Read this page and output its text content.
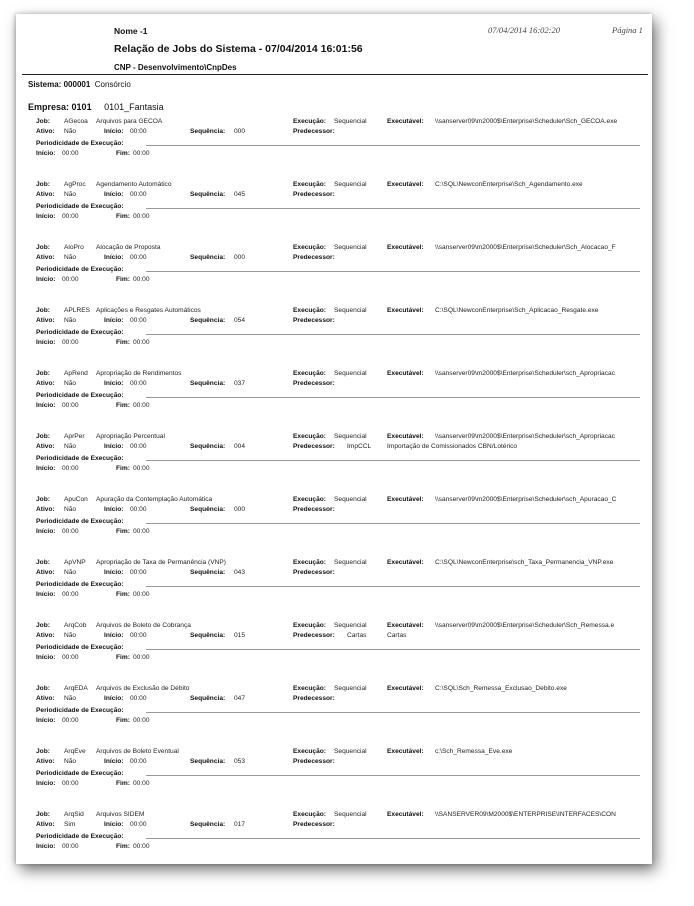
Nome -1	07/04/2014 16:02:20	Página 1
Relação de Jobs do Sistema - 07/04/2014 16:01:56
CNP - Desenvolvimento\CnpDes
Sistema: 000001 Consórcio
Empresa: 0101 0101_Fantasia
Job: AGecoa Arquivos para GECOA	Execução: Sequencial	Executável: \\sanserver09\m2000$\Enterprise\Scheduler\Sch_GECOA.exe
Ativo: Não	Início: 00:00	Sequência: 000	Predecessor:
Periodicidade de Execução:
Início: 00:00	Fim: 00:00
Job: AgProc Agendamento Automático	Execução: Sequencial	Executável: C:\SQL\NewconEnterprise\Sch_Agendamento.exe
Ativo: Não	Início: 00:00	Sequência: 045	Predecessor:
Periodicidade de Execução:
Início: 00:00	Fim: 00:00
Job: AloPro Alocação de Proposta	Execução: Sequencial	Executável: \\sanserver09\m2000$\Enterprise\Scheduler\Sch_Alocacao_F
Ativo: Não	Início: 00:00	Sequência: 000	Predecessor:
Periodicidade de Execução:
Início: 00:00	Fim: 00:00
Job: APLRES Aplicações e Resgates Automáticos	Execução: Sequencial	Executável: C:\SQL\NewconEnterprise\Sch_Aplicacao_Resgate.exe
Ativo: Não	Início: 00:00	Sequência: 054	Predecessor:
Periodicidade de Execução:
Início: 00:00	Fim: 00:00
Job: ApRend Apropriação de Rendimentos	Execução: Sequencial	Executável: \\sanserver09\m2000$\Enterprise\Scheduler\sch_Apropriacac
Ativo: Não	Início: 00:00	Sequência: 037	Predecessor:
Periodicidade de Execução:
Início: 00:00	Fim: 00:00
Job: AprPer Apropriação Percentual	Execução: Sequencial	Executável: \\sanserver09\m2000$\Enterprise\Scheduler\sch_Apropriacac
Ativo: Não	Início: 00:00	Sequência: 004	Predecessor: ImpCCL Importação de Comissionados CBN/Lotérico
Periodicidade de Execução:
Início: 00:00	Fim: 00:00
Job: ApuCon Apuração da Contemplação Automática	Execução: Sequencial	Executável: \\sanserver09\m2000$\Enterprise\Scheduler\sch_Apuracao_C
Ativo: Não	Início: 00:00	Sequência: 000	Predecessor:
Periodicidade de Execução:
Início: 00:00	Fim: 00:00
Job: ApVNP Apropriação de Taxa de Permanência (VNP)	Execução: Sequencial	Executável: C:\SQL\NewconEnterprise\sch_Taxa_Permanencia_VNP.exe
Ativo: Não	Início: 00:00	Sequência: 043	Predecessor:
Periodicidade de Execução:
Início: 00:00	Fim: 00:00
Job: ArqCob Arquivos de Boleto de Cobrança	Execução: Sequencial	Executável: \\sanserver09\m2000$\Enterprise\Scheduler\Sch_Remessa.e
Ativo: Não	Início: 00:00	Sequência: 015	Predecessor: Cartas	Cartas
Periodicidade de Execução:
Início: 00:00	Fim: 00:00
Job: ArqEDA Arquivos de Exclusão de Débito	Execução: Sequencial	Executável: C:\SQL\Sch_Remessa_Exclusao_Debito.exe
Ativo: Não	Início: 00:00	Sequência: 047	Predecessor:
Periodicidade de Execução:
Início: 00:00	Fim: 00:00
Job: ArqEve Arquivos de Boleto Eventual	Execução: Sequencial	Executável: c:\Sch_Remessa_Eve.exe
Ativo: Não	Início: 00:00	Sequência: 053	Predecessor:
Periodicidade de Execução:
Início: 00:00	Fim: 00:00
Job: ArqSid Arquivos SIDEM	Execução: Sequencial	Executável: \\SANSERVER09\M2000$\ENTERPRISE\INTERFACES\CON
Ativo: Sim	Início: 00:00	Sequência: 017	Predecessor:
Periodicidade de Execução:
Início: 00:00	Fim: 00:00
